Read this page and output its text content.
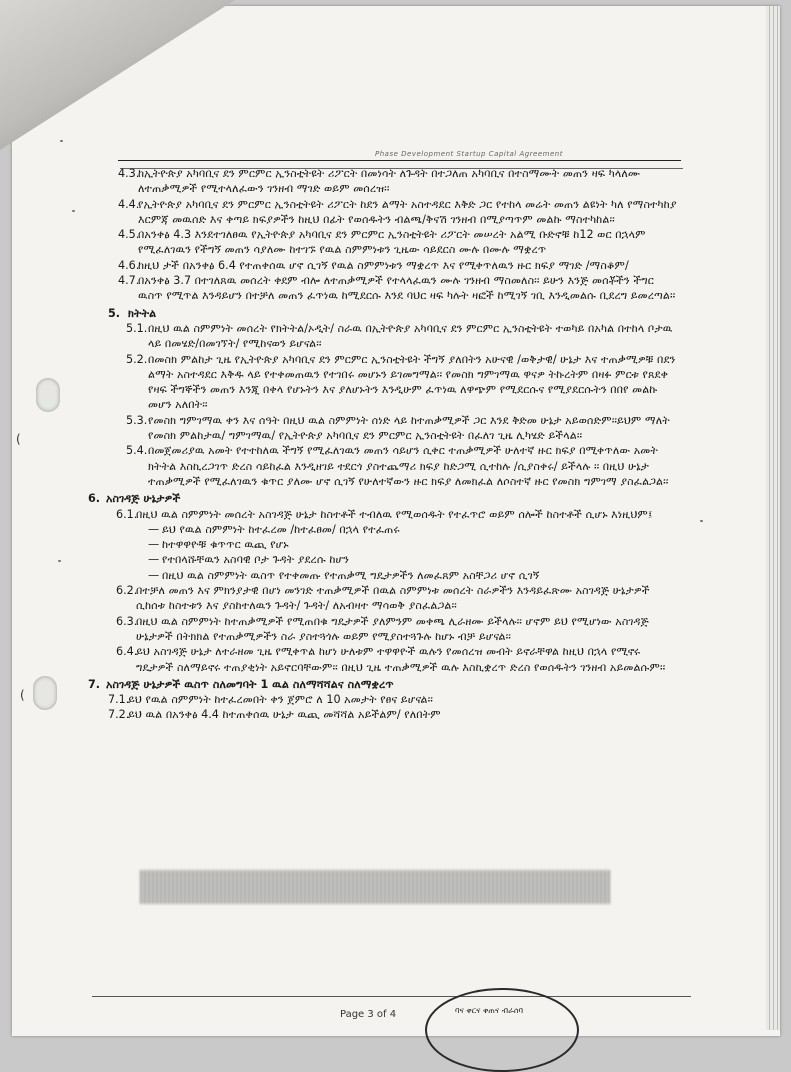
(
(
Phase Development Startup Capital Agreement
4.3.
ከኢትዮጵያ አካባቢና ደን ምርምር ኢንስቲትዩት ሪፖርት በመነሳት ለጉዳት በተጋለጠ አካባቢና በተስማሙት መጠን ዛፍ ካላለሙ ለተጠቃሚዎች የሚተላለፈውን ገንዘብ ማገድ ወይም መሰረዝ፡፡
4.4.
የኢትዮጵያ አካባቢና ደን ምርምር ኢንስቲትዩት ሪፖርት ከደን ልማት አስተዳደር እቅድ ጋር የተከላ መሬት መጠን ልዩነት ካለ የማስተካከያ እርምጃ መዉሰድ እና ቀጣይ ክፍያዎችን ከዚህ በፊት የወሰዱትን ብልጫ/ቅናሽ ገንዘብ በሚያጣጥም መልኩ ማስተካከል፡፡
4.5.
በአንቀፅ 4.3 እንደተገለፀዉ የኢትዮጵያ አካባቢና ደን ምርምር ኢንስቲትዩት ሪፖርት መሠረት አልሚ ቡድኖቹ ከ12 ወር በኋላም የሚፈለገዉን የችግኝ መጠን ሳያለሙ ከተገኙ የዉል ስምምነቱን ጊዜው ሳይደርስ ሙሉ በሙሉ ማቋረጥ
4.6.
ከዚህ ታች በአንቀፅ 6.4 የተጠቀሰዉ ሆኖ ሲገኝ የዉል ስምምነቱን ማቋረጥ እና የሚቀጥለዉን ዙር ክፍያ ማገድ /ማስቆም/
4.7.
በአንቀፅ 3.7 በተገለጸዉ መሰረት ቀደም ብሎ ለተጠቃሚዎች የተላላፈዉን ሙሉ ገንዘብ ማስመለስ፡፡ ይሁን እንጅ መሰቾችን ችግር ዉስጥ የሚጥል እንዳይሆን በተቻለ መጠን ፈጥነዉ ከሚደርሱ እንደ ባህር ዛፍ ካሉት ዛፎች ከሚገኝ ገቢ እንዲመልሱ ቢደረግ ይመረጣል፡፡
5. ክትትል
5.1. በዚህ ዉል ስምምነት መሰረት የክትትል/ኦዲት/ ስራዉ በኢትዮጵያ አካባቢና ደን ምርምር ኢንስቲትዩት ተወካይ በአካል በተከላ ቦታዉ ላይ በመሄድ/በመገኘት/ የሚከናወን ይሆናል፡፡
5.2. በመስክ ምልከታ ጊዜ የኢትዮጵያ አካባቢና ደን ምርምር ኢንስቲትዩት ችግኝ ያለበትን አሁናዊ /ወቅታዊ/ ሁኔታ እና ተጠቃሚዎቹ በደን ልማት አስተዳደር እቅዱ ላይ የተቀመጠዉን የተገበሩ መሆኑን ይገመግማል፡፡ የመስክ ግምገማዉ ዋናዎ ትኩረትም በዛፉ ምርቱ የጸደቀ የዛፍ ችግኞችን መጠን እንጂ በቀላ የሆኑትን እና ያለሆኑትን እንዲሁም ፈጥነዉ ለዋጭም የሚደርሱና የሚያደርሱትን በበየ መልኩ መሆን አለበት፡፡
5.3. የመስክ ግምገማዉ ቀን እና ሰዓት በዚህ ዉል ስምምነት ሰነድ ላይ ከተጠቃሚዎች ጋር እንደ ቅድመ ሁኔታ አይወሰድም፡፡ይህም ማለት የመስክ ምልከታዉ/ ግምገማዉ/ የኢትዮጵያ አካባቢና ደን ምርምር ኢንስቲትዩት በፈለገ ጊዜ ሊካሄድ ይችላል፡፡
5.4. በመጀመሪያዉ አመት የተተከለዉ ችግኝ የሚፈለገዉን መጠን ሳይሆን ሲቀር ተጠቃሚዎች ሁለተኛ ዙር ክፍያ በሚቀጥለው አመት ክትትል እስኪረጋገጥ ድረስ ሳይከፈል እንዲዘገይ ተደርጎ ያስተጨማሪ ክፍያ ከድጋሚ ሲተከሉ /ሲያስቀሩ/ ይችላሉ ፡፡ በዚህ ሁኔታ ተጠቃሚዎች የሚፈለገዉን ቁጥር ያለሙ ሆኖ ሲገኝ የሁለተኛውን ዙር ክፍያ ለመክፈል ለሶስተኛ ዙር የመስክ ግምገማ ያስፈልጋል፡፡
6. አስገዳጅ ሁኔታዎች
6.1.
በዚህ ዉል ስምምነት መሰረት አስገዳጅ ሁኔታ ከስተቶች ተብለዉ የሚወሰዱት የተፈጥሮ ወይም ሰሎች ከስተቶች ሲሆኑ እነዚህም፤
— ይህ የዉል ስምምነት ከተፈረመ /ከተፈፀመ/ በኋላ የተፈጠሩ
— ከተዋዋዮቹ ቁጥጥር ዉጪ የሆኑ
— የተበላሹቸዉን አስባዊ ቦታ ጉዳት ያደረሱ ከሆን
— በዚህ ዉል ስምምነት ዉስጥ የተቀመጡ የተጠቃሚ ግዴታዎችን ለመፈጸም አስቸጋሪ ሆኖ ሲገኝ
6.2.
በተቻለ መጠን እና ምክንያታዊ በሆነ መንገድ ተጠቃሚዎች በዉል ስምምነቱ መሰረት ስራዎችን እንዳይፈጽሙ አስገዳጅ ሁኔታዎች ሲከሰቱ ከስተቱን እና ያስከተለዉን ጉዳት/ ጉዳት/ ለአብዛተ ማሳወቅ ያስፈልጋል፡፡
6.3.
በዚህ ዉል ስምምነት ከተጠቃሚዎች የሚጠበቁ ግዴታዎች ያለምንም መቀጫ ሊራዘሙ ይችላሉ፡፡ ሆኖም ይህ የሚሆነው አስገዳጅ ሁኔታዎች በትክክል የተጠቃሚዎችን ስራ ያስተጓጎሉ ወይም የሚያስተጓጉሉ ከሆኑ ብቻ ይሆናል፡፡
6.4.
ይህ አስገዳጅ ሁኔታ ለተራዘመ ጊዜ የሚቀጥል ከሆነ ሁለቱም ተዋዋዮች ዉሉን የመሰረዝ መብት ይኖራቸዋል ከዚህ በኋላ የሚኖሩ ግዴታዎች ስለማይኖሩ ተጠያቂነት አይኖርባቸውም፡፡ በዚህ ጊዜ ተጠቃሚዎች ዉሉ እስኪቋረጥ ድረስ የወሰዱትን ገንዘብ አይመልሱም፡፡
7. አስገዳጅ ሁኔታዎች ዉስጥ ስለመግባት 1 ዉል ስለማሻሻልና ስለማቋረጥ
7.1.
ይህ የዉል ስምምነት ከተፈረመበት ቀን ጀምሮ ለ 10 አመታት የፀና ይሆናል፡፡
7.2.
ይህ ዉል በአንቀፅ 4.4 ከተጠቀሰዉ ሁኔታ ዉጪ መሻሻል አይችልም/ የለበትም
Page 3 of 4	ባና ቀርና ቀጠና ብራሰባ
